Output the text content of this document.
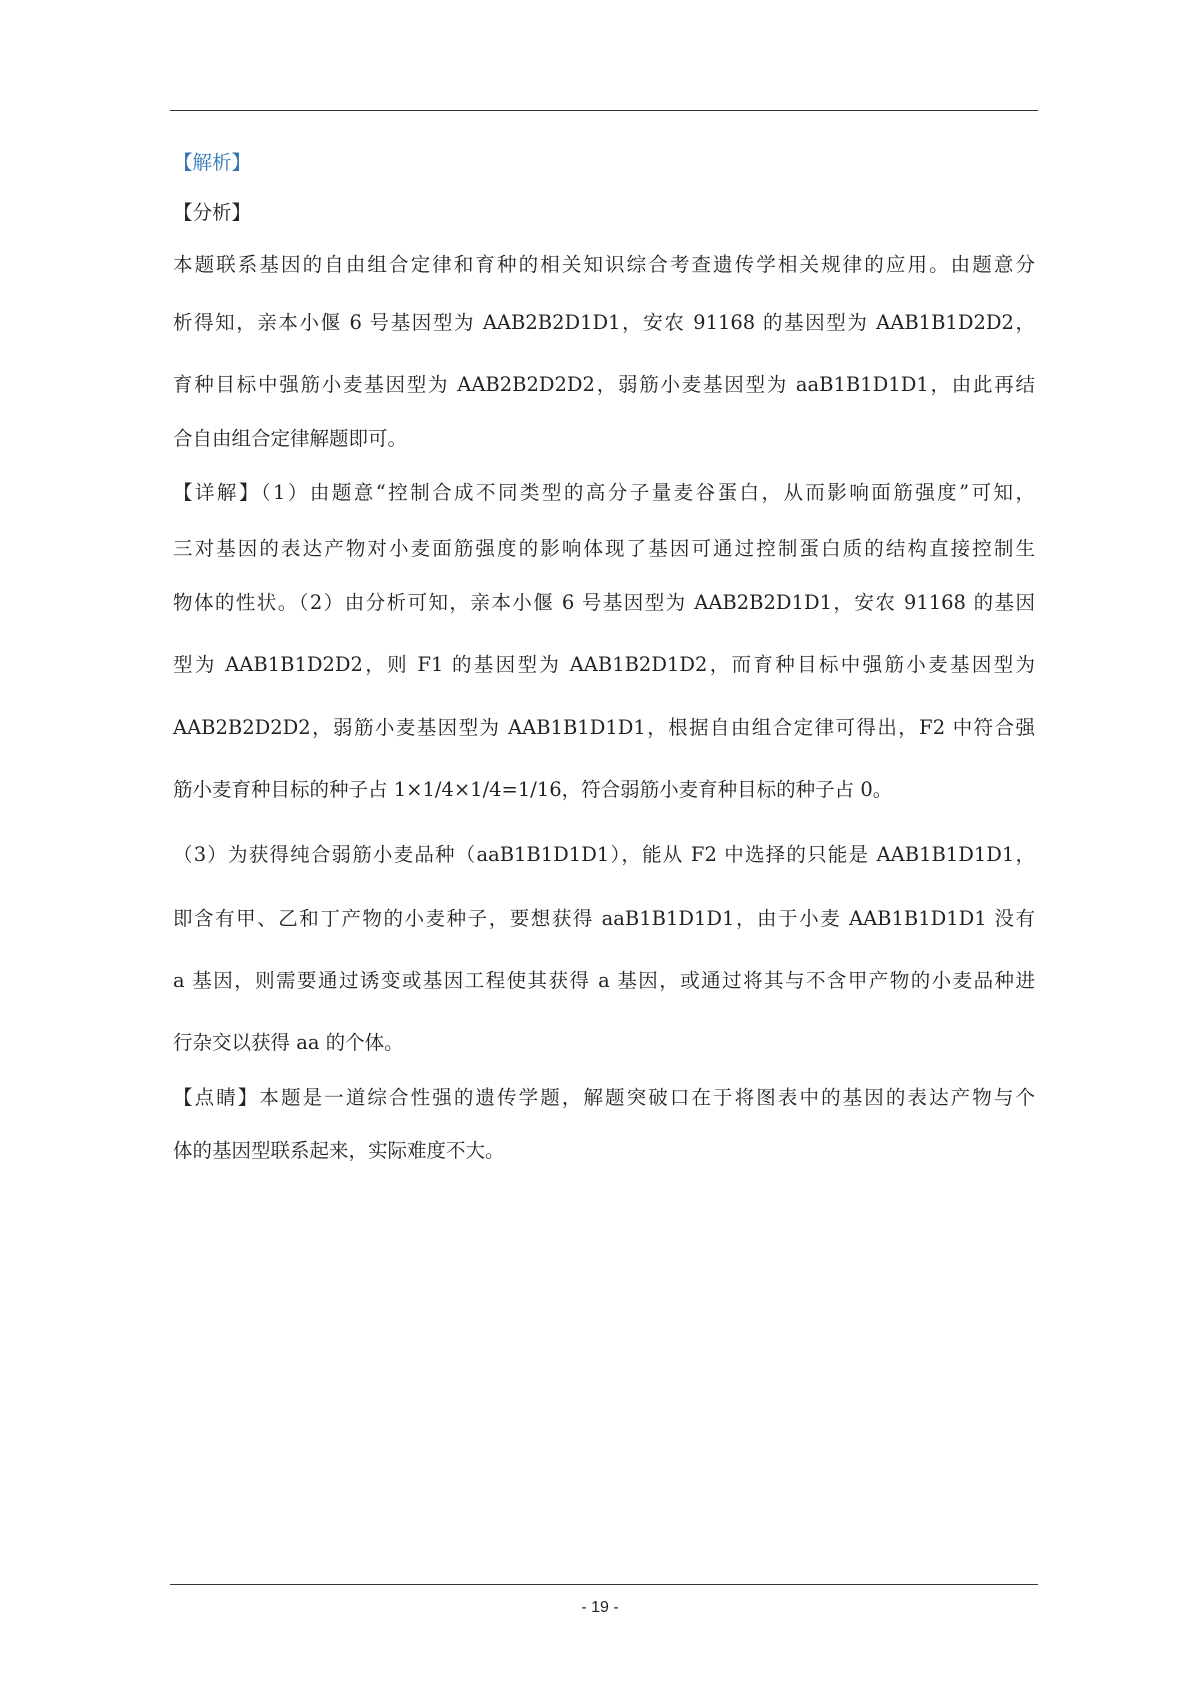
【解析】
【分析】
本题联系基因的自由组合定律和育种的相关知识综合考查遗传学相关规律的应用。由题意分
析得知，亲本小偃 6 号基因型为 AAB2B2D1D1，安农 91168 的基因型为 AAB1B1D2D2，
育种目标中强筋小麦基因型为 AAB2B2D2D2，弱筋小麦基因型为 aaB1B1D1D1，由此再结
合自由组合定律解题即可。
【详解】（1）由题意“控制合成不同类型的高分子量麦谷蛋白，从而影响面筋强度”可知，
三对基因的表达产物对小麦面筋强度的影响体现了基因可通过控制蛋白质的结构直接控制生
物体的性状。（2）由分析可知，亲本小偃 6 号基因型为 AAB2B2D1D1，安农 91168 的基因
型为 AAB1B1D2D2，则 F1 的基因型为 AAB1B2D1D2，而育种目标中强筋小麦基因型为
AAB2B2D2D2，弱筋小麦基因型为 AAB1B1D1D1，根据自由组合定律可得出，F2 中符合强
筋小麦育种目标的种子占 1×1/4×1/4=1/16，符合弱筋小麦育种目标的种子占 0。
（3）为获得纯合弱筋小麦品种（aaB1B1D1D1），能从 F2 中选择的只能是 AAB1B1D1D1，
即含有甲、乙和丁产物的小麦种子，要想获得 aaB1B1D1D1，由于小麦 AAB1B1D1D1 没有
a 基因，则需要通过诱变或基因工程使其获得 a 基因，或通过将其与不含甲产物的小麦品种进
行杂交以获得 aa 的个体。
【点睛】本题是一道综合性强的遗传学题，解题突破口在于将图表中的基因的表达产物与个
体的基因型联系起来，实际难度不大。
- 19 -
